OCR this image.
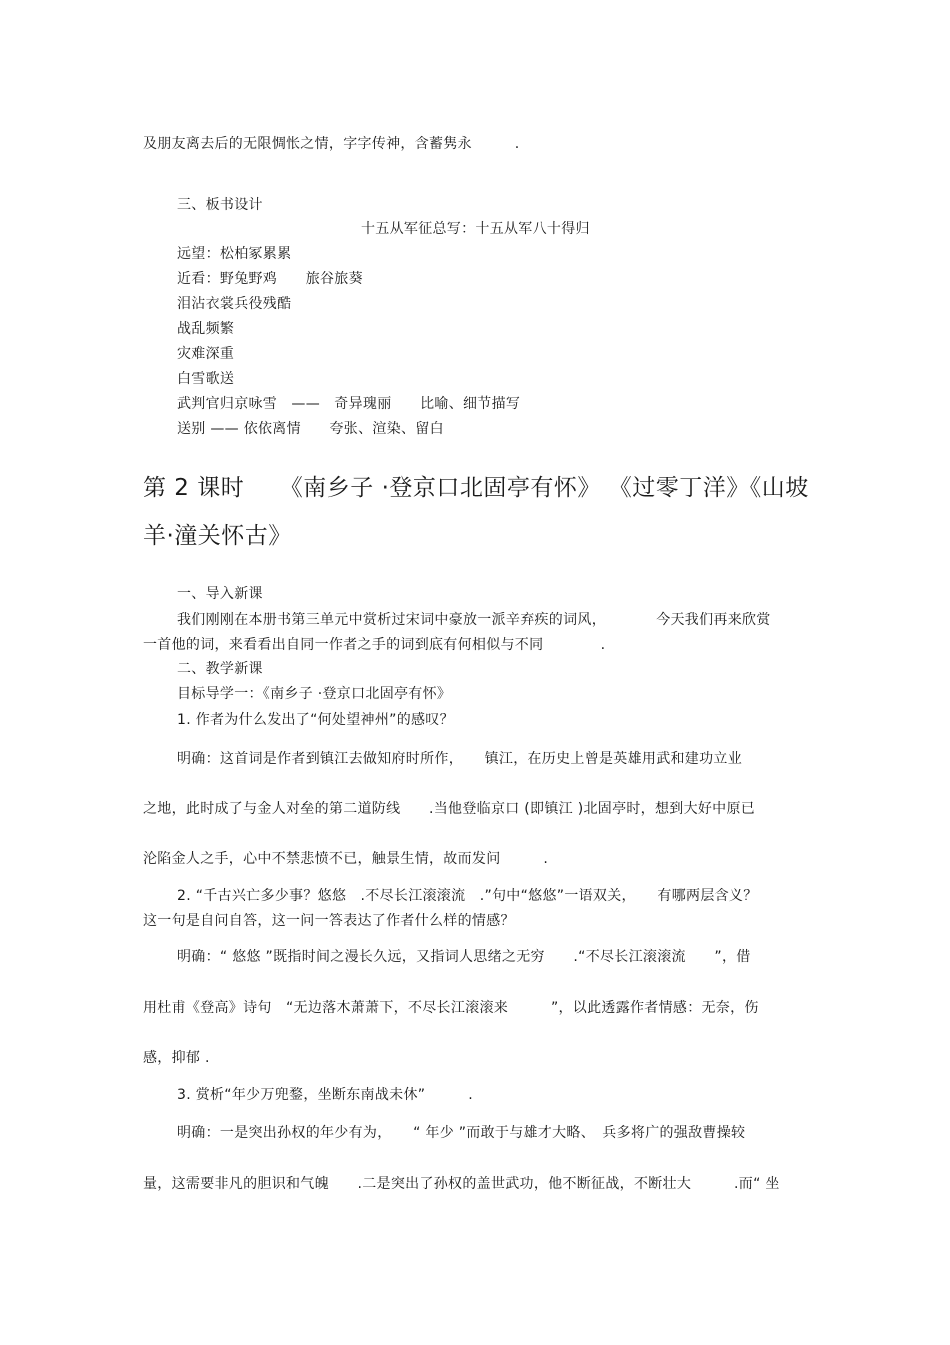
及朋友离去后的无限惆怅之情，字字传神，含蓄隽永　　　.
三、板书设计
十五从军征总写：十五从军八十得归
远望：松柏冢累累
近看：野兔野鸡　　旅谷旅葵
泪沾衣裳兵役残酷
战乱频繁
灾难深重
白雪歌送
武判官归京咏雪　——　奇异瑰丽　　比喻、细节描写
送别 —— 依依离情　　夸张、渲染、留白
第 2 课时　　《南乡子 ·登京口北固亭有怀》 《过零丁洋》《山坡
羊·潼关怀古》
一、导入新课
我们刚刚在本册书第三单元中赏析过宋词中豪放一派辛弃疾的词风，　　　　今天我们再来欣赏
一首他的词，来看看出自同一作者之手的词到底有何相似与不同　　　　.
二、教学新课
目标导学一：《南乡子 ·登京口北固亭有怀》
1. 作者为什么发出了“何处望神州”的感叹？
明确：这首词是作者到镇江去做知府时所作，　　镇江，在历史上曾是英雄用武和建功立业
之地，此时成了与金人对垒的第二道防线　　.当他登临京口 (即镇江 )北固亭时，想到大好中原已
沦陷金人之手，心中不禁悲愤不已，触景生情，故而发问　　　.
2. “千古兴亡多少事？悠悠　.不尽长江滚滚流　.”句中“悠悠”一语双关，　　有哪两层含义？
这一句是自问自答，这一问一答表达了作者什么样的情感？
明确：“ 悠悠 ”既指时间之漫长久远，又指词人思绪之无穷　　.“不尽长江滚滚流　　”，借
用杜甫《登高》诗句　“无边落木萧萧下，不尽长江滚滚来　　　”，以此透露作者情感：无奈，伤
感，抑郁 .
3. 赏析“年少万兜鍪，坐断东南战未休”　　　.
明确：一是突出孙权的年少有为，　　“ 年少 ”而敢于与雄才大略、　兵多将广的强敌曹操较
量，这需要非凡的胆识和气魄　　.二是突出了孙权的盖世武功，他不断征战，不断壮大　　　.而“ 坐
